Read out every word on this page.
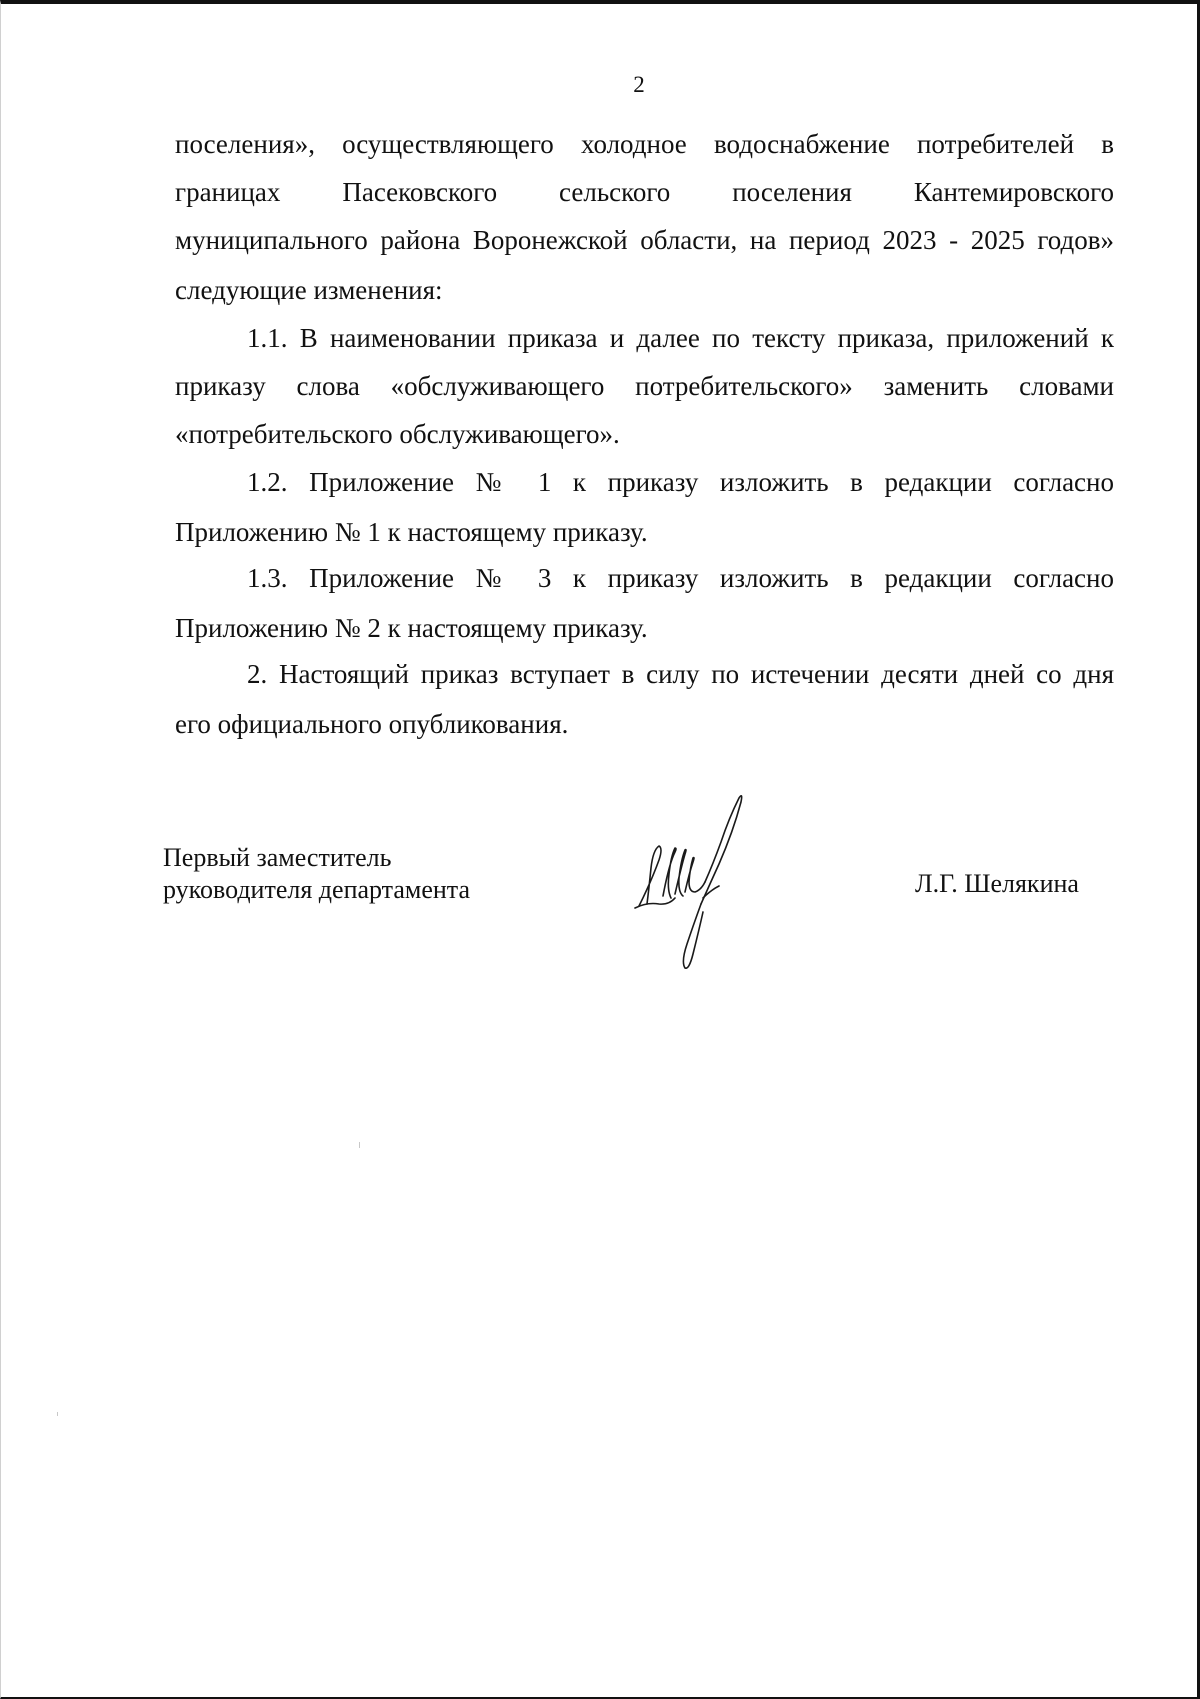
2
поселения», осуществляющего холодное водоснабжение потребителей в
границах Пасековского сельского поселения Кантемировского
муниципального района Воронежской области, на период 2023 - 2025 годов»
следующие изменения:
1.1. В наименовании приказа и далее по тексту приказа, приложений к
приказу слова «обслуживающего потребительского» заменить словами
«потребительского обслуживающего».
1.2. Приложение № 1 к приказу изложить в редакции согласно
Приложению № 1 к настоящему приказу.
1.3. Приложение № 3 к приказу изложить в редакции согласно
Приложению № 2 к настоящему приказу.
2. Настоящий приказ вступает в силу по истечении десяти дней со дня
его официального опубликования.
Первый заместитель
руководителя департамента	Л.Г. Шелякина
